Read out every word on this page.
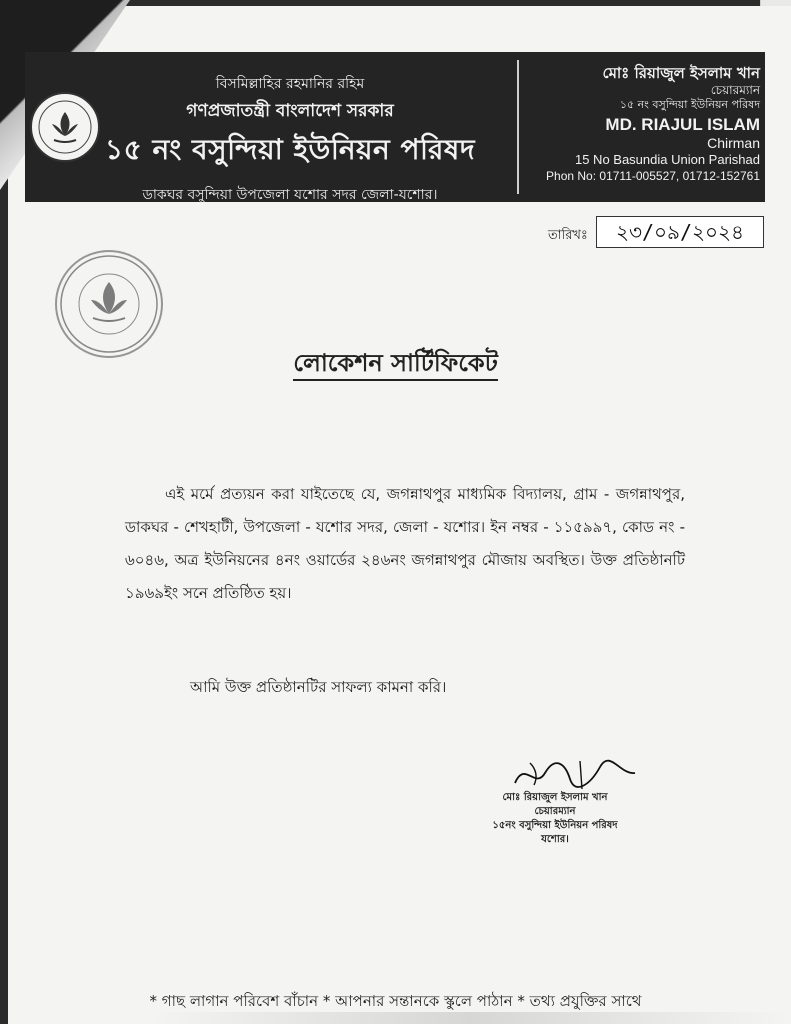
বিসমিল্লাহির রহমানির রহিম
গণপ্রজাতন্ত্রী বাংলাদেশ সরকার
১৫ নং বসুন্দিয়া ইউনিয়ন পরিষদ
ডাকঘর বসুন্দিয়া উপজেলা যশোর সদর জেলা-যশোর।
মোঃ রিয়াজুল ইসলাম খান
চেয়ারম্যান
১৫ নং বসুন্দিয়া ইউনিয়ন পরিষদ
MD. RIAJUL ISLAM
Chirman
15 No Basundia Union Parishad
Phon No: 01711-005527, 01712-152761
তারিখঃ	২৩/০৯/২০২৪
লোকেশন সার্টিফিকেট
এই মর্মে প্রত্যয়ন করা যাইতেছে যে, জগন্নাথপুর মাধ্যমিক বিদ্যালয়, গ্রাম - জগন্নাথপুর, ডাকঘর - শেখহাটী, উপজেলা - যশোর সদর, জেলা - যশোর। ইন নম্বর - ১১৫৯৯৭, কোড নং - ৬০৪৬, অত্র ইউনিয়নের ৪নং ওয়ার্ডের ২৪৬নং জগন্নাথপুর মৌজায় অবস্থিত। উক্ত প্রতিষ্ঠানটি ১৯৬৯ইং সনে প্রতিষ্ঠিত হয়।
আমি উক্ত প্রতিষ্ঠানটির সাফল্য কামনা করি।
মোঃ রিয়াজুল ইসলাম খান
চেয়ারম্যান
১৫নং বসুন্দিয়া ইউনিয়ন পরিষদ
যশোর।
* গাছ লাগান পরিবেশ বাঁচান * আপনার সন্তানকে স্কুলে পাঠান * তথ্য প্রযুক্তির সাথে
